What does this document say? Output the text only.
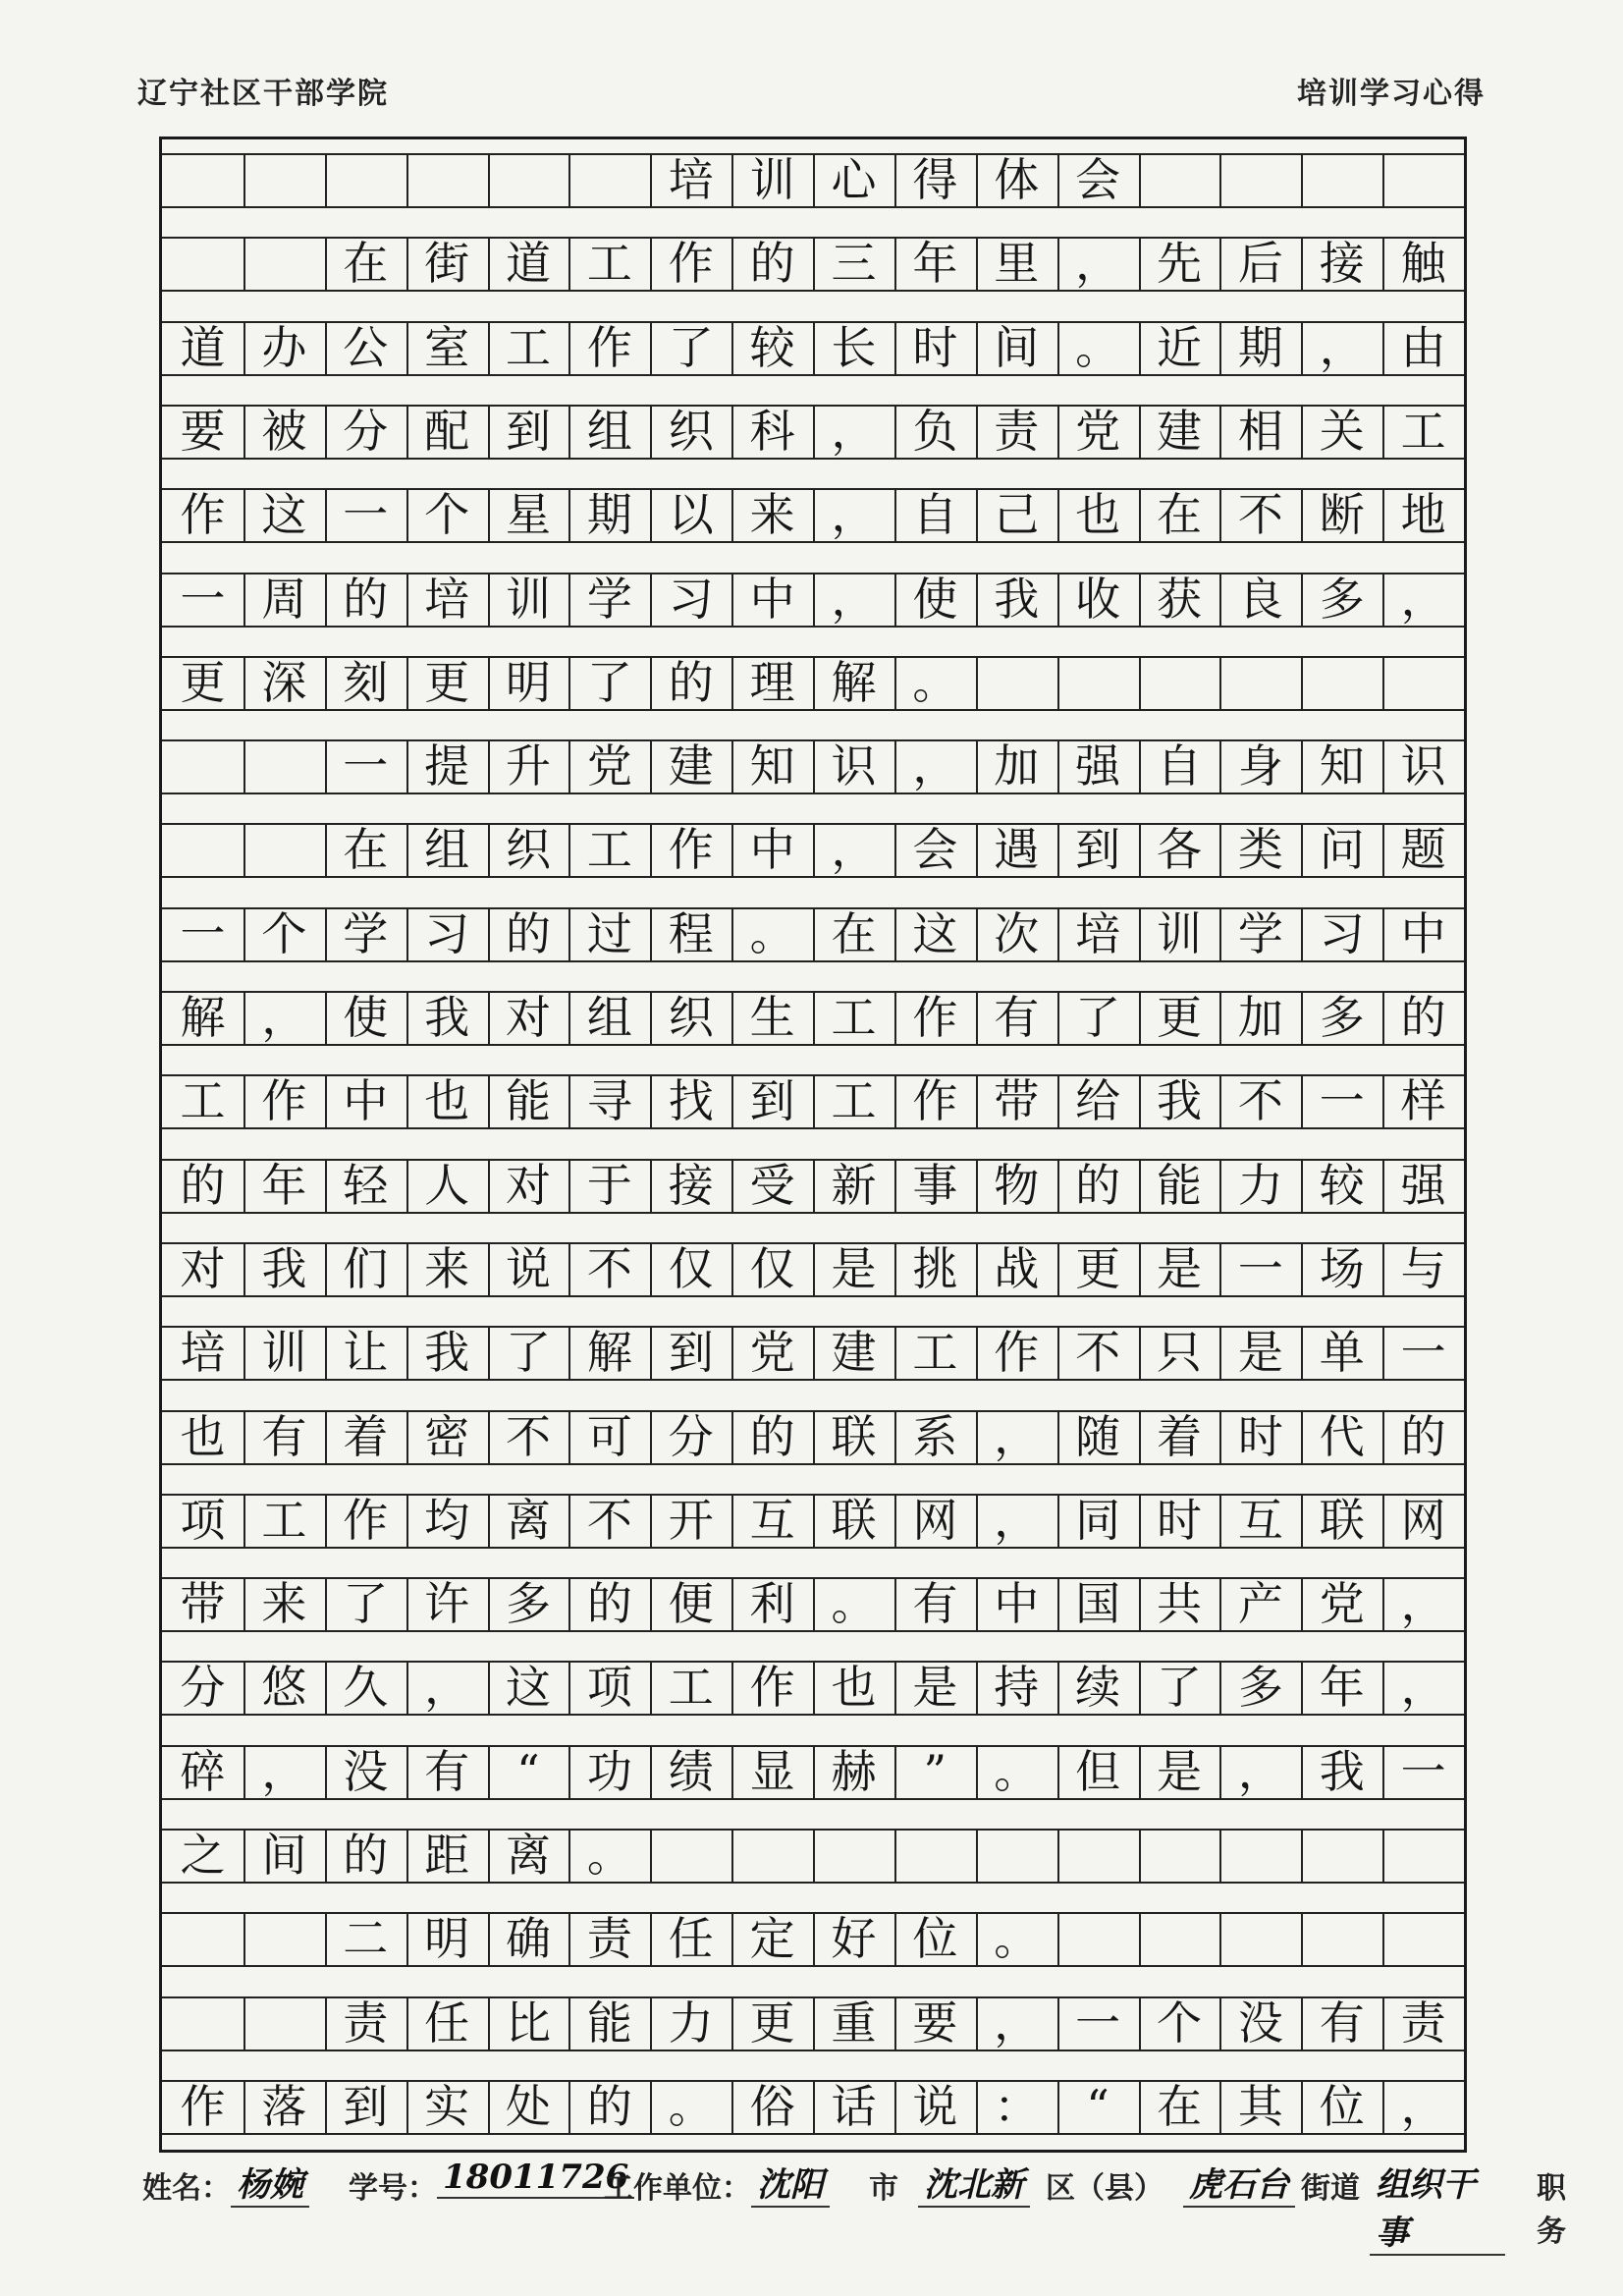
辽宁社区干部学院	培训学习心得
培 训 心 得 体 会
在 街 道 工 作 的 三 年 里 ， 先 后 接 触
道 办 公 室 工 作 了 较 长 时 间 。 近 期 ， 由
要 被 分 配 到 组 织 科 ， 负 责 党 建 相 关 工
作 这 一 个 星 期 以 来 ， 自 己 也 在 不 断 地
一 周 的 培 训 学 习 中 ， 使 我 收 获 良 多 ，
更 深 刻 更 明 了 的 理 解 。
一 提 升 党 建 知 识 ， 加 强 自 身 知 识
在 组 织 工 作 中 ， 会 遇 到 各 类 问 题
一 个 学 习 的 过 程 。 在 这 次 培 训 学 习 中
解 ， 使 我 对 组 织 生 工 作 有 了 更 加 多 的
工 作 中 也 能 寻 找 到 工 作 带 给 我 不 一 样
的 年 轻 人 对 于 接 受 新 事 物 的 能 力 较 强
对 我 们 来 说 不 仅 仅 是 挑 战 更 是 一 场 与
培 训 让 我 了 解 到 党 建 工 作 不 只 是 单 一
也 有 着 密 不 可 分 的 联 系 ， 随 着 时 代 的
项 工 作 均 离 不 开 互 联 网 ， 同 时 互 联 网
带 来 了 许 多 的 便 利 。 有 中 国 共 产 党 ，
分 悠 久 ， 这 项 工 作 也 是 持 续 了 多 年 ，
碎 ， 没 有	“	功 绩 显 赫	”	。 但 是 ， 我 一
之 间 的 距 离 。
二 明 确 责 任 定 好 位 。
责 任 比 能 力 更 重 要 ， 一 个 没 有 责
作 落 到 实 处 的 。 俗 话 说 ：	“	在 其 位 ，
姓名： 杨婉 学号： 18011726
工作单位： 沈阳 市 沈北新 区（县） 虎石台 街道 组织干事
职务
